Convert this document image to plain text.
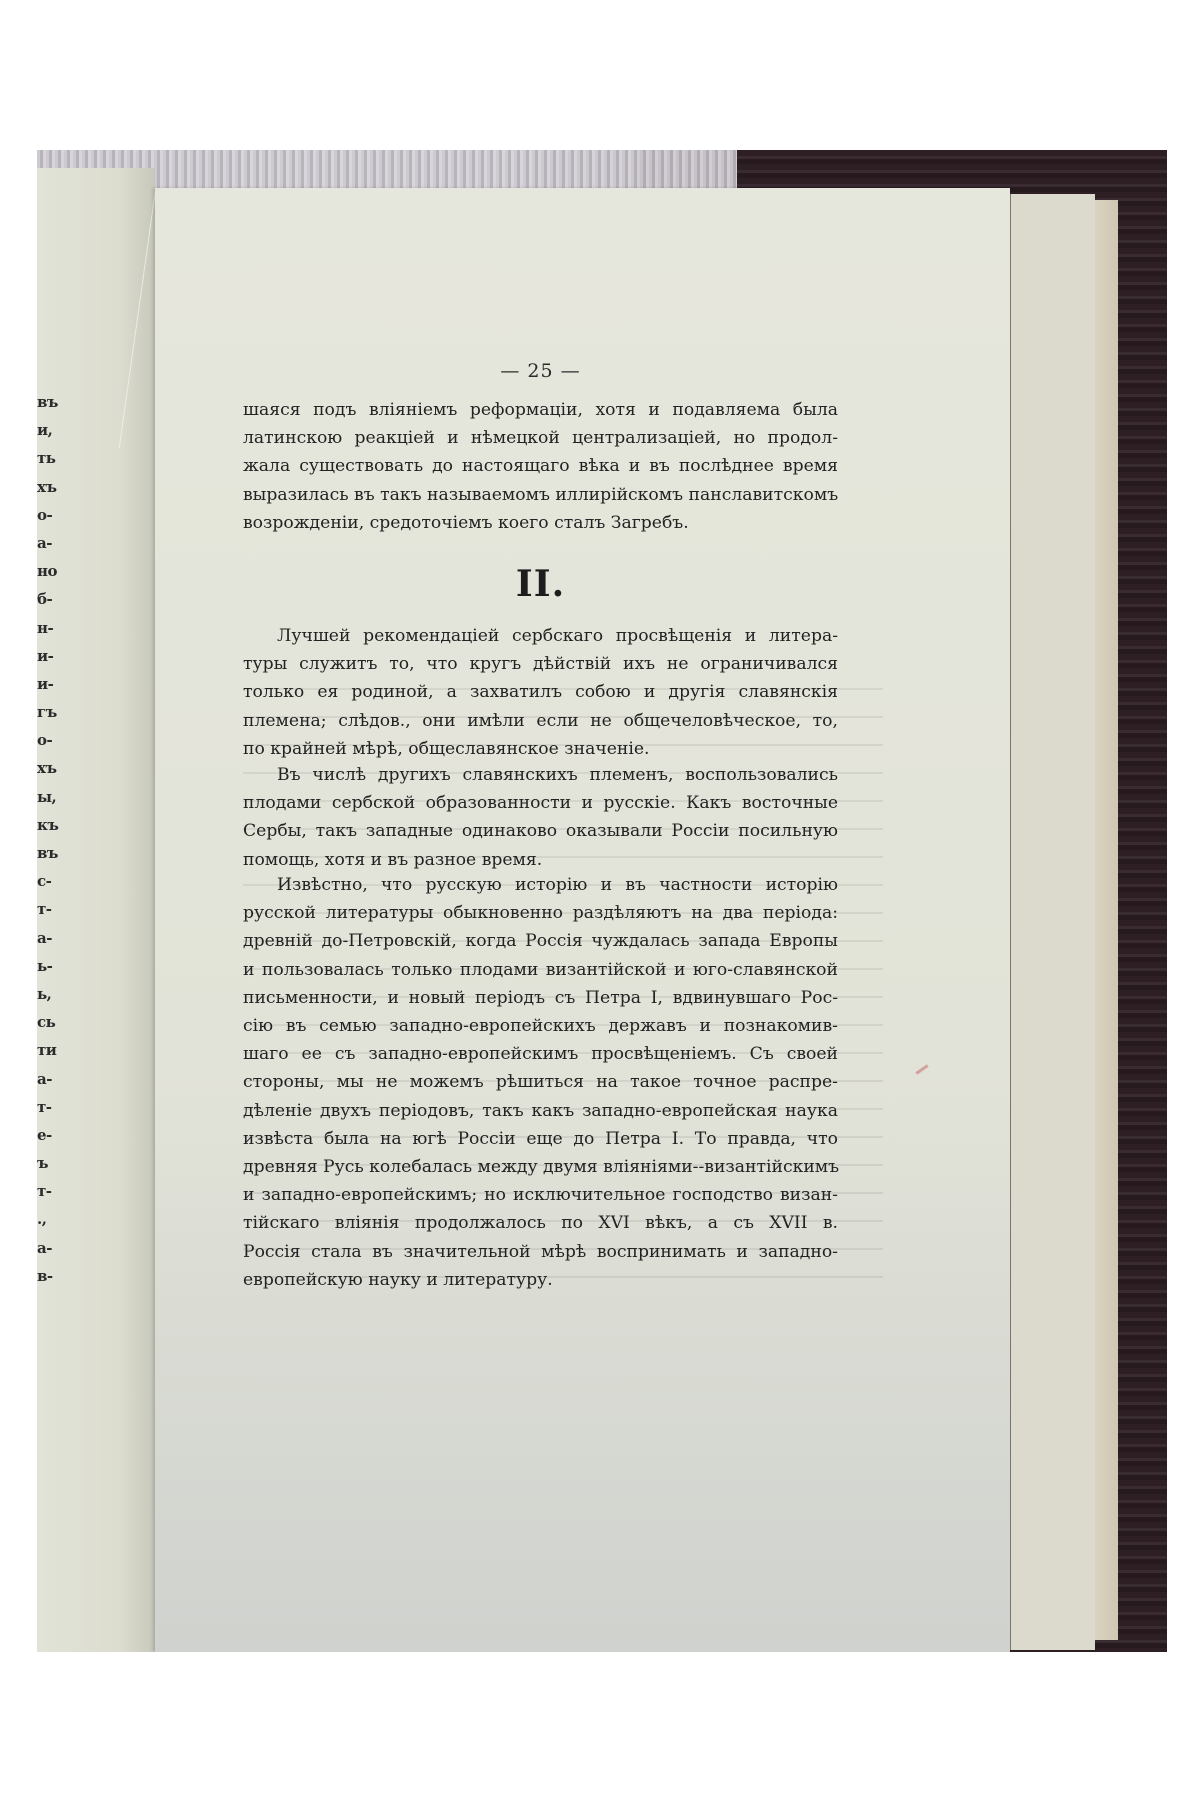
въ
и,
ть
хъ
о-
а-
но
б-
н-
и-
и-
гъ
о-
хъ
ы,
къ
въ
с-
т-
а-
ь-
ь,
сь
ти
а-
т-
е-
ъ
т-
.,
а-
в-
— 25 —
шаяся подъ вліяніемъ реформаціи, хотя и подавляема была
латинскою реакціей и нѣмецкой централизаціей, но продол-
жала существовать до настоящаго вѣка и въ послѣднее время
выразилась въ такъ называемомъ иллирійскомъ панславитскомъ
возрожденіи, средоточіемъ коего сталъ Загребъ.
II.
Лучшей рекомендаціей сербскаго просвѣщенія и литера-
туры служитъ то, что кругъ дѣйствій ихъ не ограничивался
только ея родиной, а захватилъ собою и другія славянскія
племена; слѣдов., они имѣли если не общечеловѣческое, то,
по крайней мѣрѣ, общеславянское значеніе.
Въ числѣ другихъ славянскихъ племенъ, воспользовались
плодами сербской образованности и русскіе. Какъ восточные
Сербы, такъ западные одинаково оказывали Россіи посильную
помощь, хотя и въ разное время.
Извѣстно, что русскую исторію и въ частности исторію
русской литературы обыкновенно раздѣляютъ на два періода:
древній до-Петровскій, когда Россія чуждалась запада Европы
и пользовалась только плодами византійской и юго-славянской
письменности, и новый періодъ съ Петра I, вдвинувшаго Рос-
сію въ семью западно-европейскихъ державъ и познакомив-
шаго ее съ западно-европейскимъ просвѣщеніемъ. Съ своей
стороны, мы не можемъ рѣшиться на такое точное распре-
дѣленіе двухъ періодовъ, такъ какъ западно-европейская наука
извѣста была на югѣ Россіи еще до Петра I. То правда, что
древняя Русь колебалась между двумя вліяніями--византійскимъ
и западно-европейскимъ; но исключительное господство визан-
тійскаго вліянія продолжалось по XVI вѣкъ, а съ XVII в.
Россія стала въ значительной мѣрѣ воспринимать и западно-
европейскую науку и литературу.
